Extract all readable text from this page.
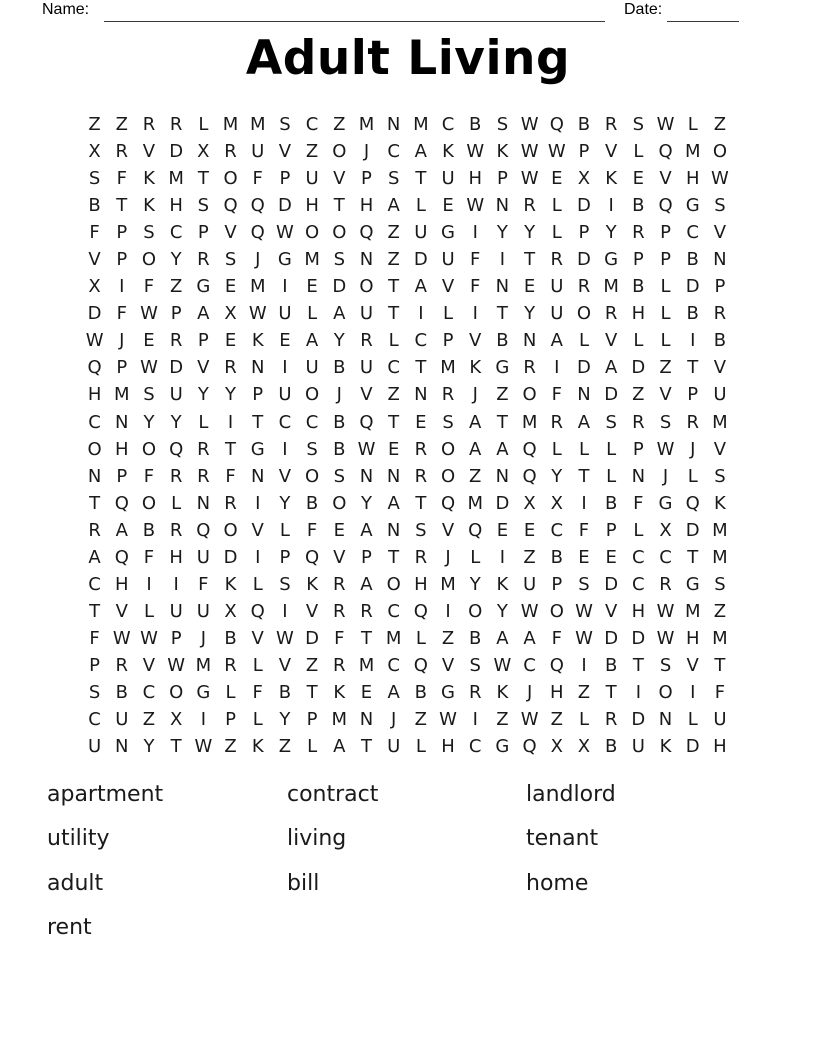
Name:	Date:
Adult Living
Z Z R R L M M S C Z M N M C B S W Q B R S W L Z
X R V D X R U V Z O J	C A K W K W W P V L Q M O
S F K M T O F P U V P S T U H P W E X K E V H W
B T K H S Q Q D H T H A L E W N R L D I	B Q G S
F P S C P V Q W O O Q Z U G I	Y Y L P Y R P C V
V P O Y R S	J G M S N Z D U F	I	T R D G P P B N
X	I	F Z G E M I	E D O T A V F N E U R M B L D P
D F W P A X W U L A U T	I	L	I	T Y U O R H L B R
W J	E R P E K E A Y R L C P V B N A L V L L	I	B
Q P W D V R N I U B U C T M K G R	I D A D Z T V
H M S U Y Y P U O J	V Z N R	J	Z O F N D Z V P U
C N Y Y L	I	T C C B Q T E S A T M R A S R S R M
O H O Q R T G I	S B W E R O A A Q L L L P W J	V
N P F R R F N V O S N N R O Z N Q Y T L N J	L S
T Q O L N R	I	Y B O Y A T Q M D X X	I	B F G Q K
R A B R Q O V L F E A N S V Q E E C F P L X D M
A Q F H U D I	P Q V P T R	J	L	I	Z B E E C C T M
C H I	I	F K L S K R A O H M Y K U P S D C R G S
T V L U U X Q I	V R R C Q I O Y W O W V H W M Z
F W W P	J	B V W D F T M L Z B A A F W D D W H M
P R V W M R L V Z R M C Q V S W C Q I	B T S V T
S B C O G L F B T K E A B G R K	J H Z T	I O I	F
C U Z X	I	P L Y P M N J	Z W I	Z W Z L R D N L U
U N Y T W Z K Z L A T U L H C G Q X X B U K D H
apartment
utility
adult
rent
contract
living
bill
landlord
tenant
home
